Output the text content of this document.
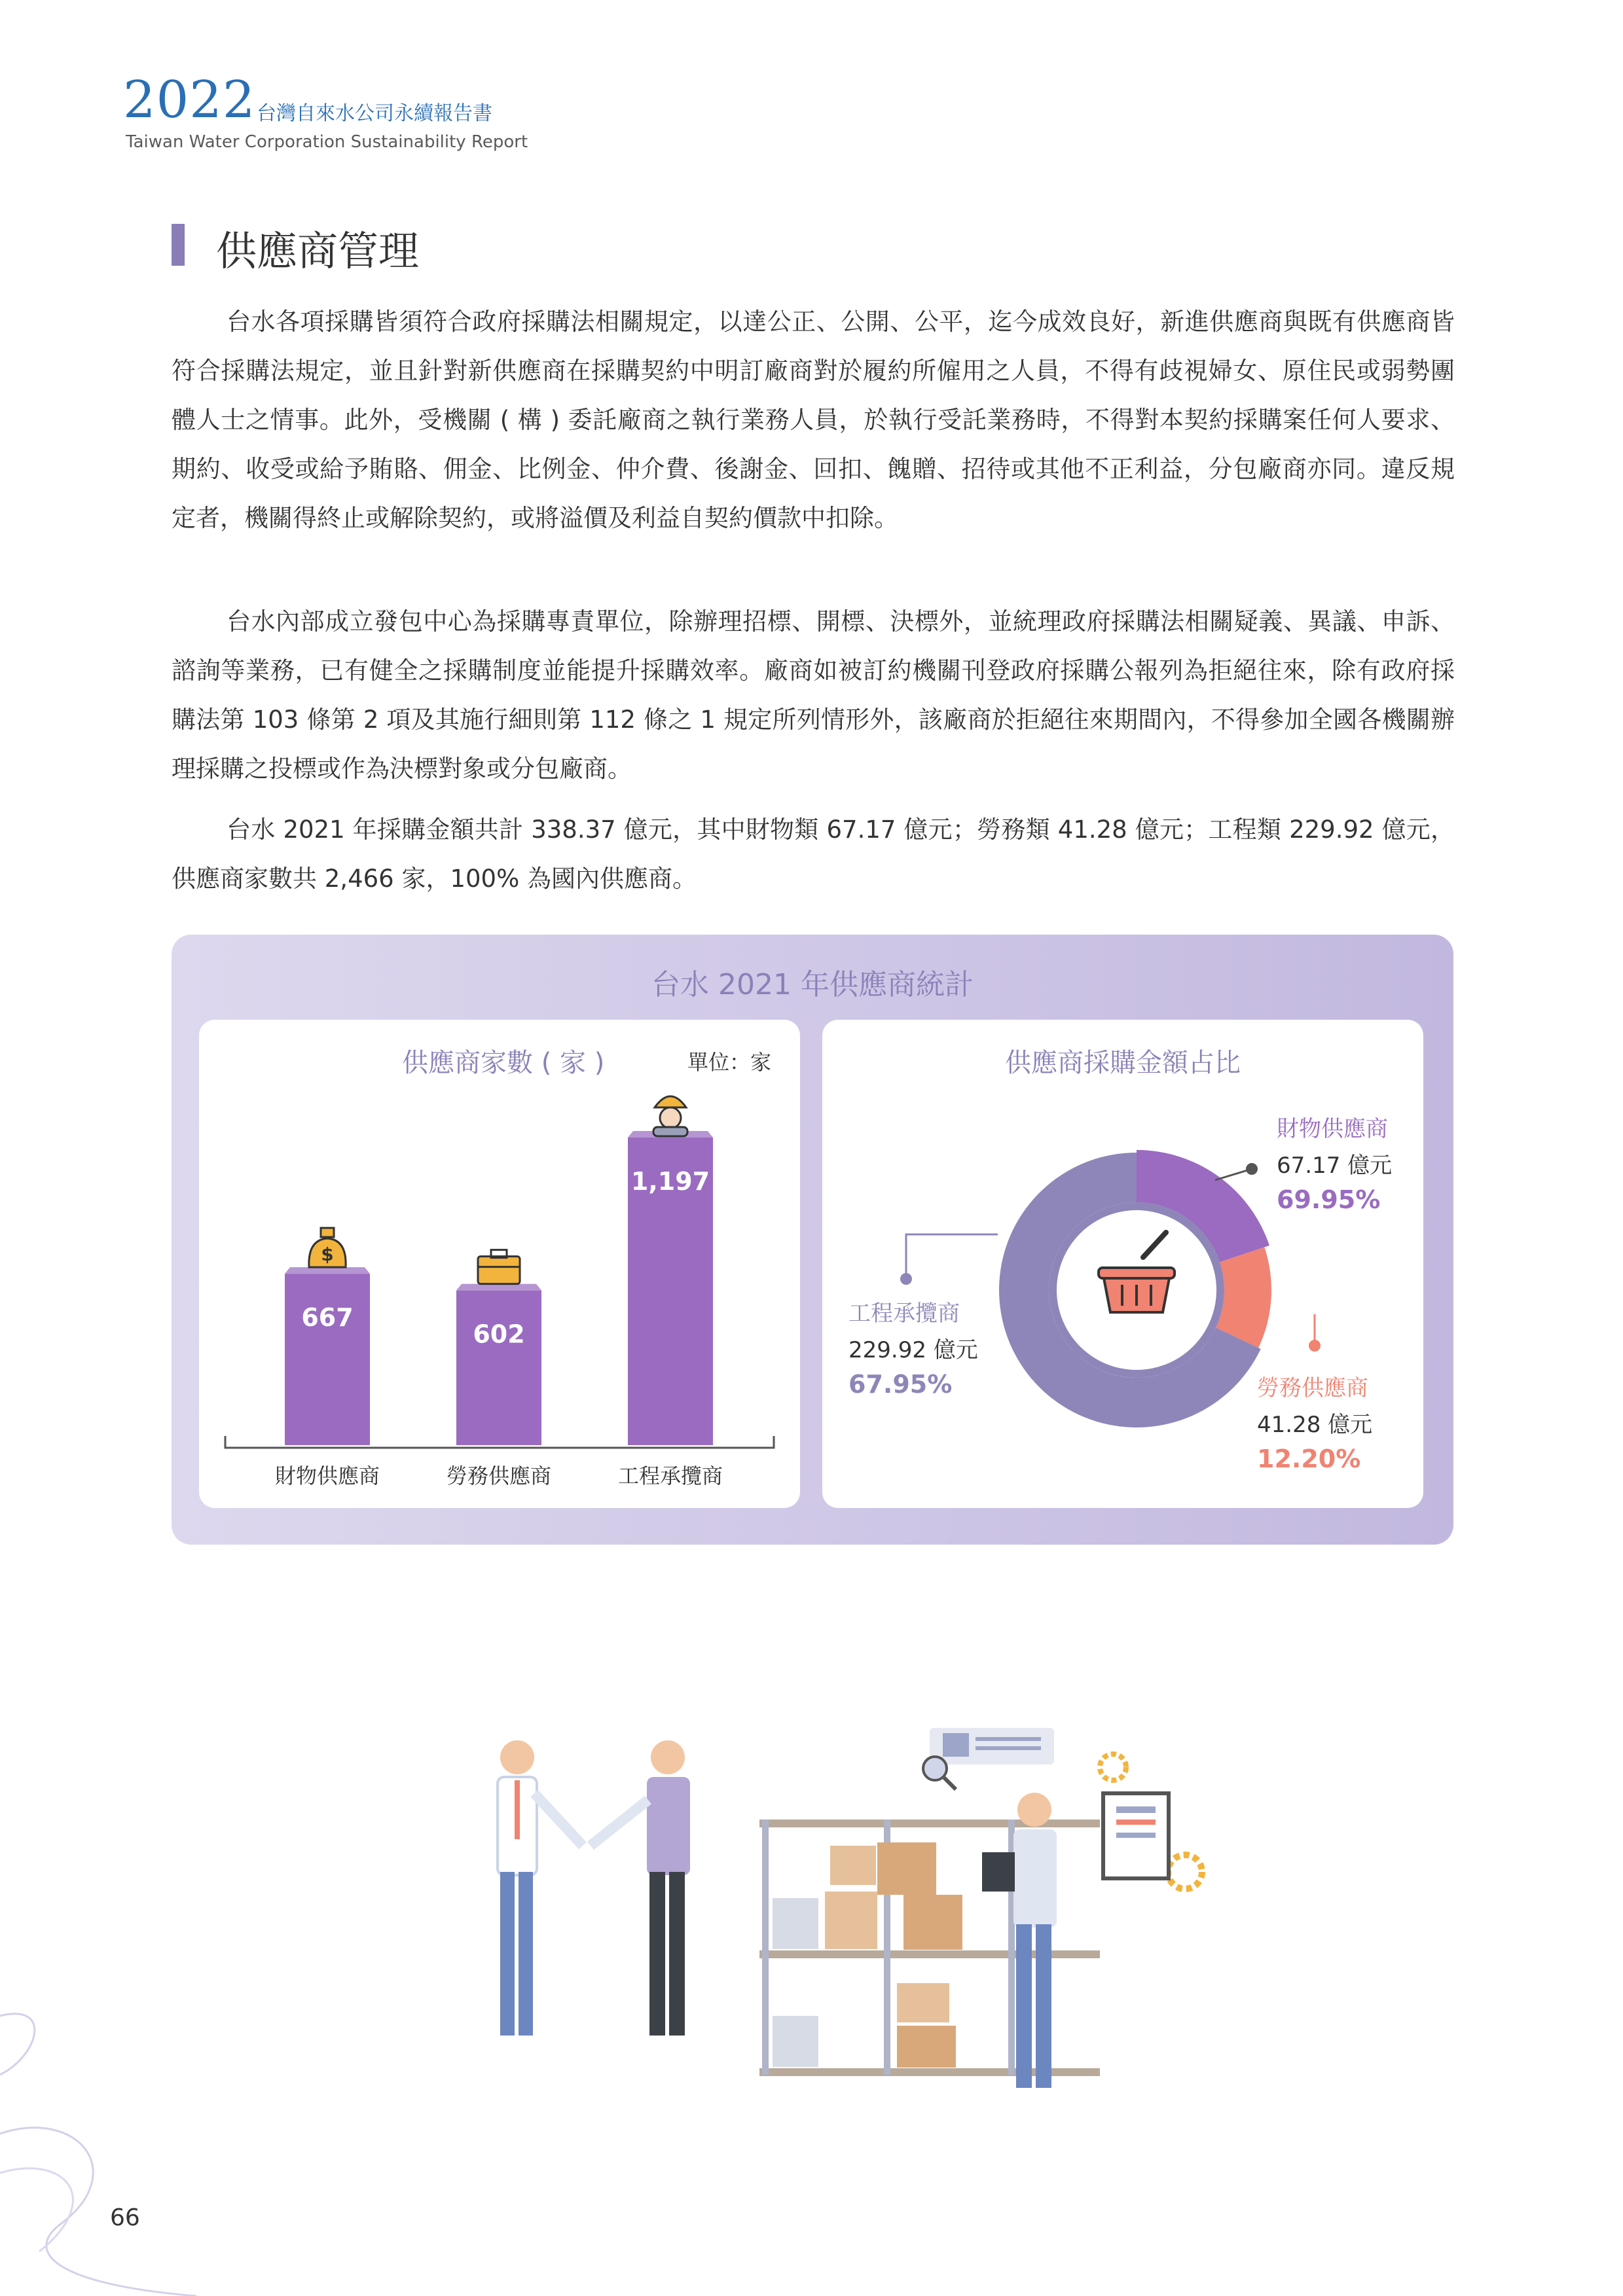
2022 台灣自來水公司永續報告書
Taiwan Water Corporation Sustainability Report
供應商管理

台水各項採購皆須符合政府採購法相關規定，以達公正、公開、公平，迄今成效良好，新進供應商與既有供應商皆符合採購法規定，並且針對新供應商在採購契約中明訂廠商對於履約所僱用之人員，不得有歧視婦女、原住民或弱勢團體人士之情事。此外，受機關 ( 構 ) 委託廠商之執行業務人員，於執行受託業務時，不得對本契約採購案任何人要求、期約、收受或給予賄賂、佣金、比例金、仲介費、後謝金、回扣、餽贈、招待或其他不正利益，分包廠商亦同。違反規定者，機關得終止或解除契約，或將溢價及利益自契約價款中扣除。

台水內部成立發包中心為採購專責單位，除辦理招標、開標、決標外，並統理政府採購法相關疑義、異議、申訴、諮詢等業務，已有健全之採購制度並能提升採購效率。廠商如被訂約機關刊登政府採購公報列為拒絕往來，除有政府採購法第 103 條第 2 項及其施行細則第 112 條之 1 規定所列情形外，該廠商於拒絕往來期間內，不得參加全國各機關辦理採購之投標或作為決標對象或分包廠商。

台水 2021 年採購金額共計 338.37 億元，其中財物類 67.17 億元；勞務類 41.28 億元；工程類 229.92 億元，供應商家數共 2,466 家，100% 為國內供應商。

台水 2021 年供應商統計
供應商家數 ( 家 )	單位：家
667
財物供應商
$
602
勞務供應商
1,197
工程承攬商
供應商採購金額占比
財物供應商
67.17 億元
69.95%
勞務供應商
41.28 億元
12.20%
工程承攬商
229.92 億元
67.95%
66
